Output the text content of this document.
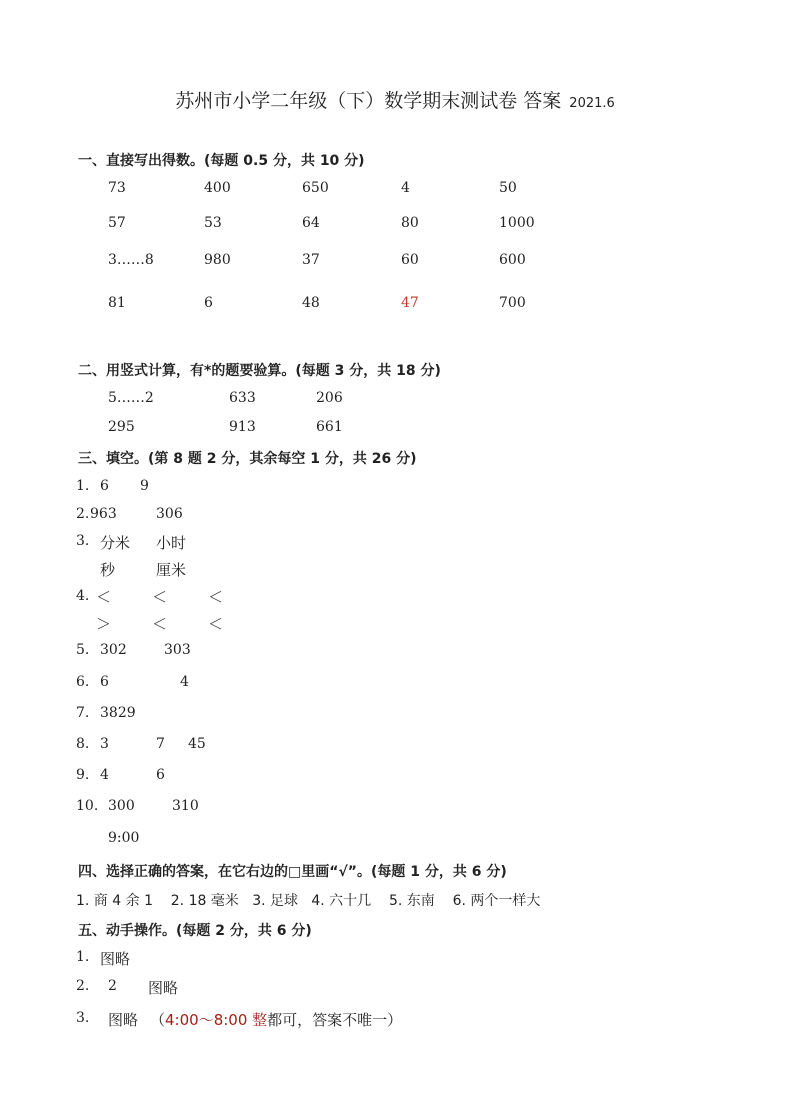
苏州市小学二年级（下）数学期末测试卷 答案 2021.6
一、直接写出得数。(每题 0.5 分，共 10 分)
73	400	650	4	50
57	53	64	80	1000
3……8	980	37	60	600
81	6	48	47	700
二、用竖式计算，有*的题要验算。(每题 3 分，共 18 分)
5……2	633	206
295	913	661
三、填空。(第 8 题 2 分，其余每空 1 分，共 26 分)
1. 6 9
2. 963	306
3. 分米 小时
秒	厘米
4. ＜	＜	＜
＞	＜	＜
5. 302	303
6. 6	4
7. 3829
8. 3	7 45
9. 4	6
10. 300	310
9:00
四、选择正确的答案，在它右边的□里画“√”。(每题 1 分，共 6 分)
1. 商 4 余 1    2. 18 毫米   3. 足球   4. 六十几    5. 东南    6. 两个一样大
五、动手操作。(每题 2 分，共 6 分)
1. 图略
2. 2 图略
3. 图略 （4:00～8:00 整都可，答案不唯一）
